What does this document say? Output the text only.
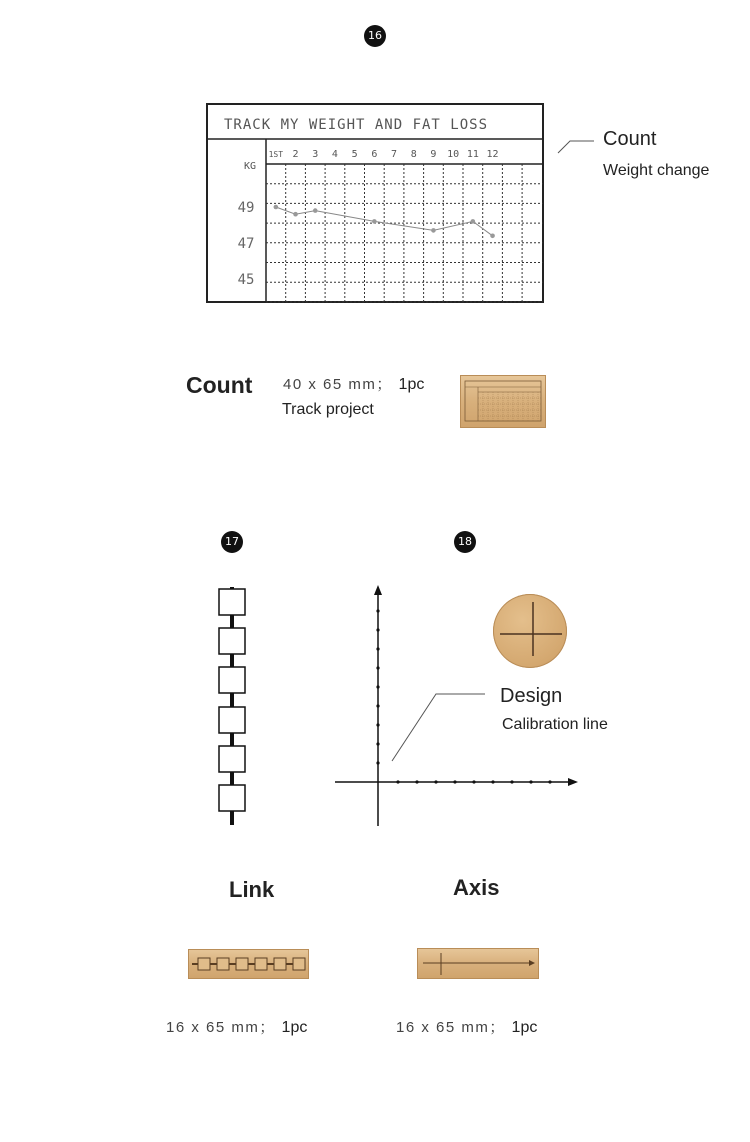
16
TRACK MY WEIGHT AND FAT LOSS
KG
1ST 2 3 4 5 6 7 8 9 10 11 12
49
47
45
Count
Weight change
Count 40 x 65 mm； 1pc
Track project
17
Link
16 x 65 mm； 1pc
18
Design
Calibration line
Axis
16 x 65 mm； 1pc
